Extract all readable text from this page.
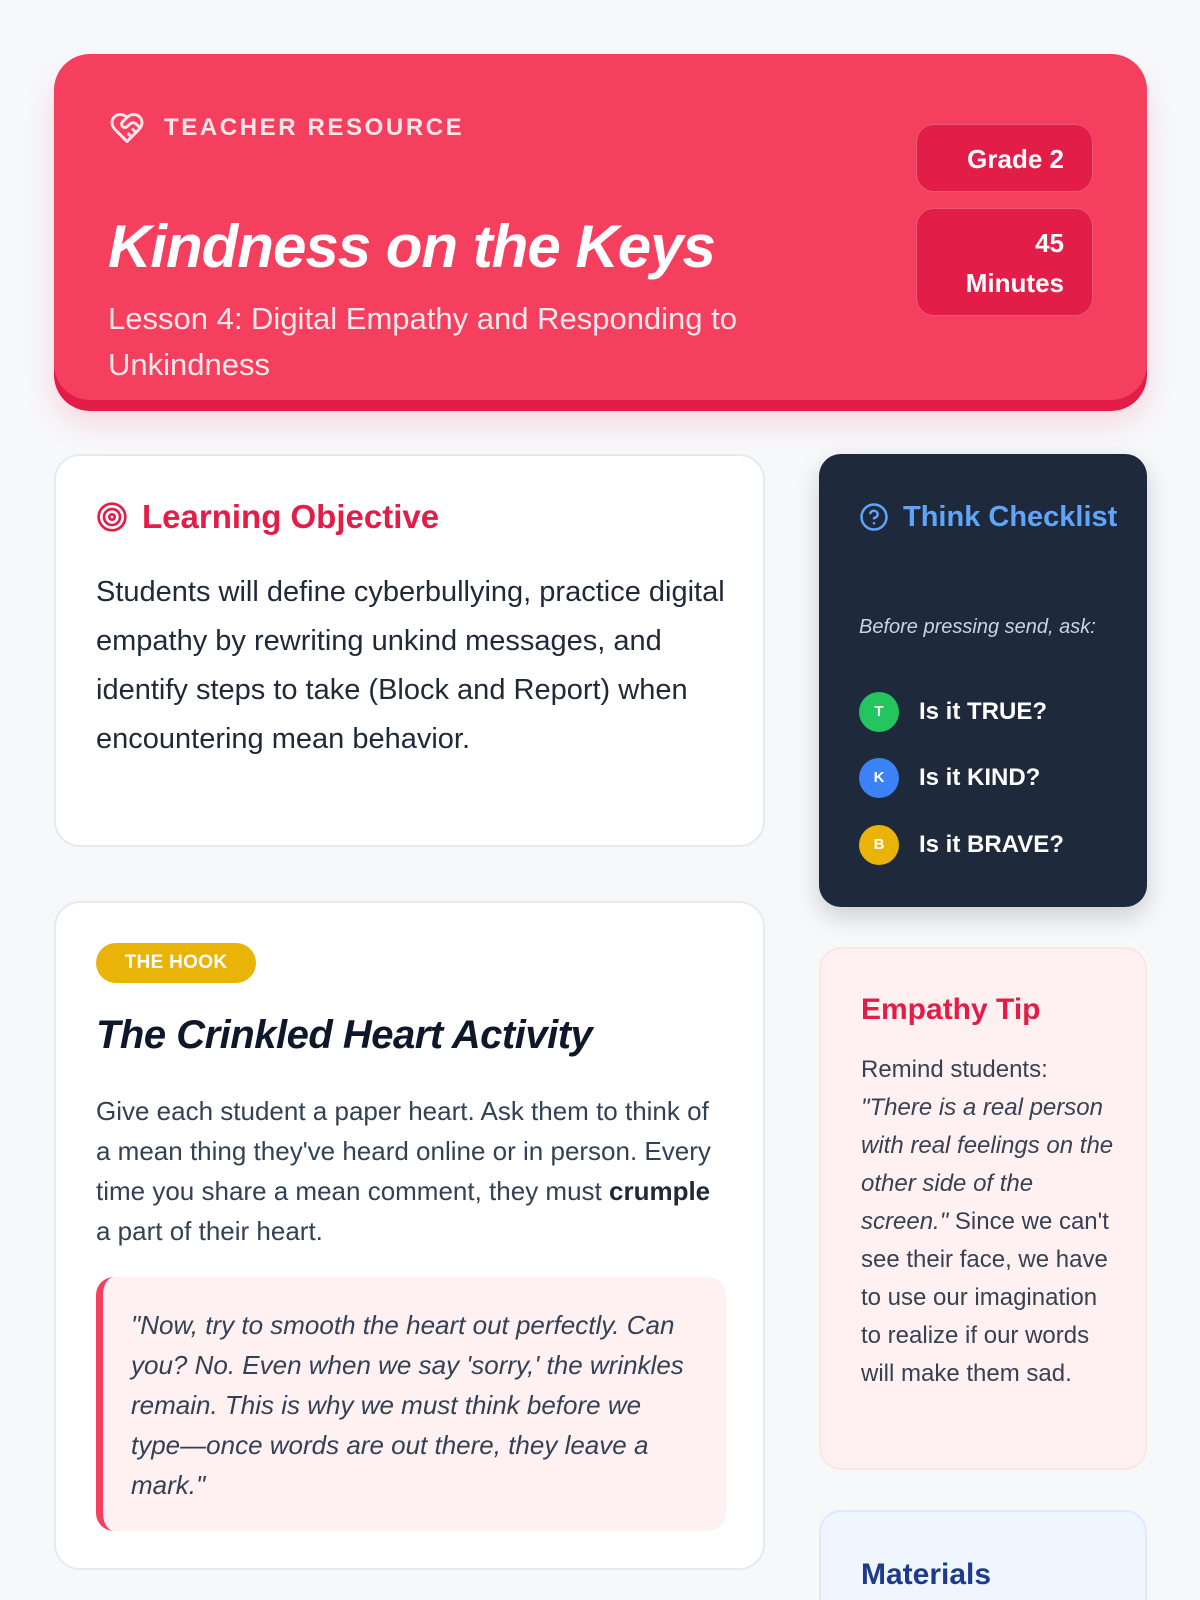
TEACHER RESOURCE
Kindness on the Keys

Lesson 4: Digital Empathy and Responding to Unkindness

Grade 2
45
Minutes
Learning Objective

Students will define cyberbullying, practice digital empathy by rewriting unkind messages, and identify steps to take (Block and Report) when encountering mean behavior.

THE HOOK
The Crinkled Heart Activity

Give each student a paper heart. Ask them to think of a mean thing they've heard online or in person. Every time you share a mean comment, they must crumple a part of their heart.

"Now, try to smooth the heart out perfectly. Can you? No. Even when we say 'sorry,' the wrinkles remain. This is why we must think before we type—once words are out there, they leave a mark."
Think Checklist

Before pressing send, ask:

T	Is it TRUE?
K	Is it KIND?
B	Is it BRAVE?
Empathy Tip

Remind students: "There is a real person with real feelings on the other side of the screen." Since we can't see their face, we have to use our imagination to realize if our words will make them sad.

Materials
